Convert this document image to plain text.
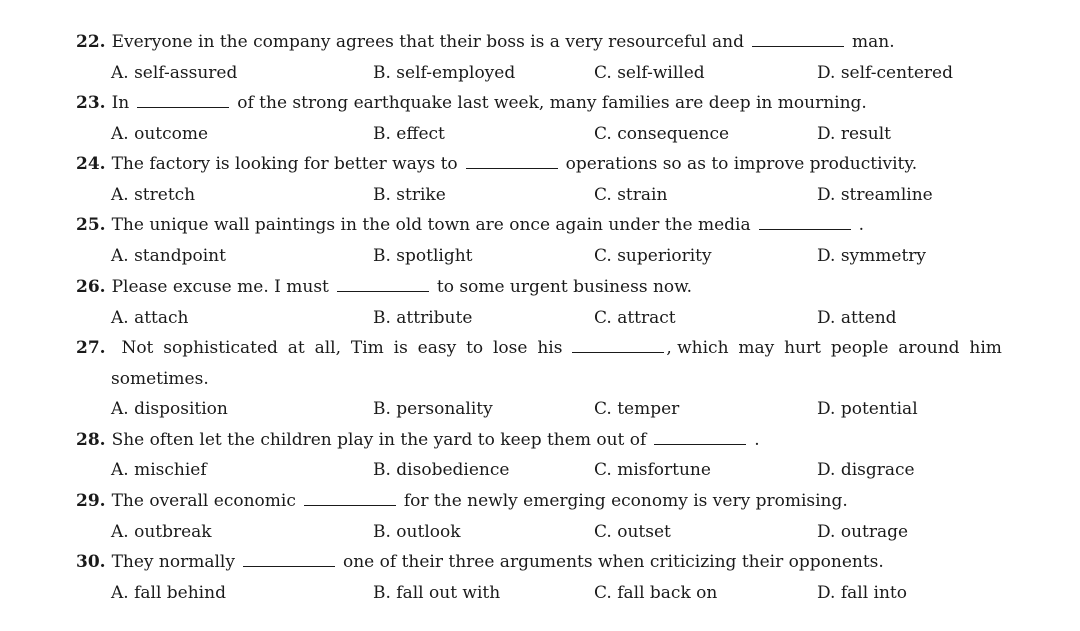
22. Everyone in the company agrees that their boss is a very resourceful and	man.
A. self-assured	B. self-employed	C. self-willed	D. self-centered
23. In	of the strong earthquake last week, many families are deep in mourning.
A. outcome	B. effect	C. consequence	D. result
24. The factory is looking for better ways to	operations so as to improve productivity.
A. stretch	B. strike	C. strain	D. streamline
25. The unique wall paintings in the old town are once again under the media	.
A. standpoint	B. spotlight	C. superiority	D. symmetry
26. Please excuse me. I must	to some urgent business now.
A. attach	B. attribute	C. attract	D. attend
27. Not sophisticated at all, Tim is easy to lose his	, which may hurt people around him
sometimes.
A. disposition	B. personality	C. temper	D. potential
28. She often let the children play in the yard to keep them out of	.
A. mischief	B. disobedience	C. misfortune	D. disgrace
29. The overall economic	for the newly emerging economy is very promising.
A. outbreak	B. outlook	C. outset	D. outrage
30. They normally	one of their three arguments when criticizing their opponents.
A. fall behind	B. fall out with	C. fall back on	D. fall into
